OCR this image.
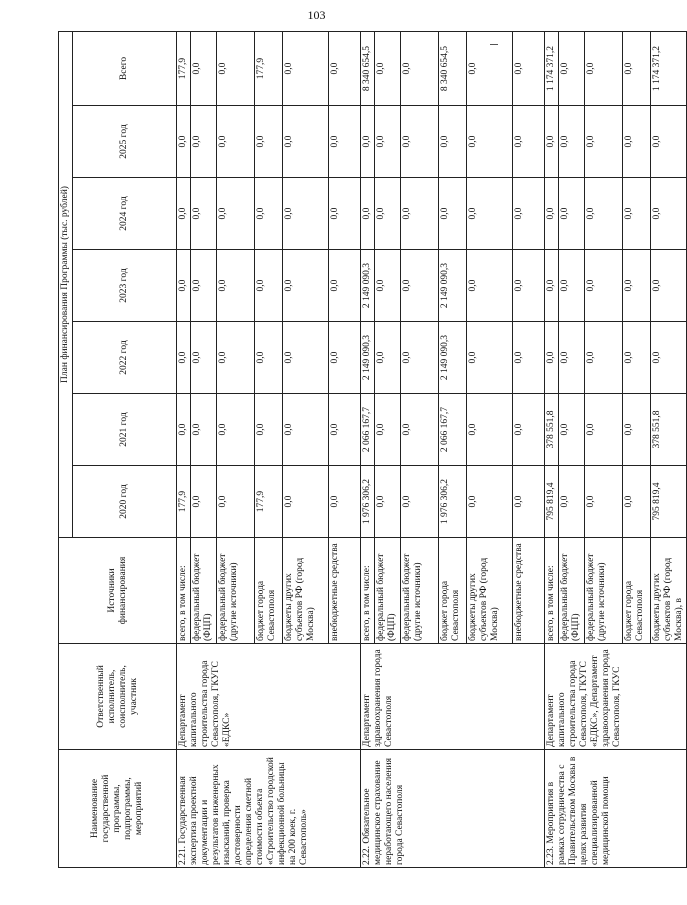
103
Наименование государственной программы, подпрограммы, мероприятий	Ответственный исполнитель, соисполнитель, участник	Источники финансирования	План финансирования Программы (тыс. рублей)						
			2020 год	2021 год	2022 год	2023 год	2024 год	2025 год	Всего
2.21. Государственная экспертиза проектной документации и результатов инженерных изысканий, проверка достоверности определения сметной стоимости объекта «Строительство городской инфекционной больницы на 200 коек, г. Севастополь»	Департамент капитального строительства города Севастополя, ГКУГС «ЕДКС»	всего, в том числе:	177,9	0,0	0,0	0,0	0,0	0,0	177,9
		федеральный бюджет (ФЦП)	0,0	0,0	0,0	0,0	0,0	0,0	0,0
		федеральный бюджет (другие источники)	0,0	0,0	0,0	0,0	0,0	0,0	0,0
		бюджет города Севастополя	177,9	0,0	0,0	0,0	0,0	0,0	177,9
		бюджеты других субъектов РФ (город Москва)	0,0	0,0	0,0	0,0	0,0	0,0	0,0
		внебюджетные средства	0,0	0,0	0,0	0,0	0,0	0,0	0,0
2.22. Обязательное медицинское страхование неработающего населения города Севастополя	Департамент здравоохранения города Севастополя	всего, в том числе:	1 976 306,2	2 066 167,7	2 149 090,3	2 149 090,3	0,0	0,0	8 340 654,5
		федеральный бюджет (ФЦП)	0,0	0,0	0,0	0,0	0,0	0,0	0,0
		федеральный бюджет (другие источники)	0,0	0,0	0,0	0,0	0,0	0,0	0,0
		бюджет города Севастополя	1 976 306,2	2 066 167,7	2 149 090,3	2 149 090,3	0,0	0,0	8 340 654,5
		бюджеты других субъектов РФ (город Москва)	0,0	0,0	0,0	0,0	0,0	0,0	0,0
		внебюджетные средства	0,0	0,0	0,0	0,0	0,0	0,0	0,0
2.23. Мероприятия в рамках сотрудничества с Правительством Москвы в целях развития специализированной медицинской помощи	Департамент капитального строительства города Севастополя, ГКУГС «ЕДКС», Департамент здравоохранения города Севастополя, ГКУС	всего, в том числе:	795 819,4	378 551,8	0,0	0,0	0,0	0,0	1 174 371,2
		федеральный бюджет (ФЦП)	0,0	0,0	0,0	0,0	0,0	0,0	0,0
		федеральный бюджет (другие источники)	0,0	0,0	0,0	0,0	0,0	0,0	0,0
		бюджет города Севастополя	0,0	0,0	0,0	0,0	0,0	0,0	0,0
		бюджеты других субъектов РФ (город Москва), в	795 819,4	378 551,8	0,0	0,0	0,0	0,0	1 174 371,2
